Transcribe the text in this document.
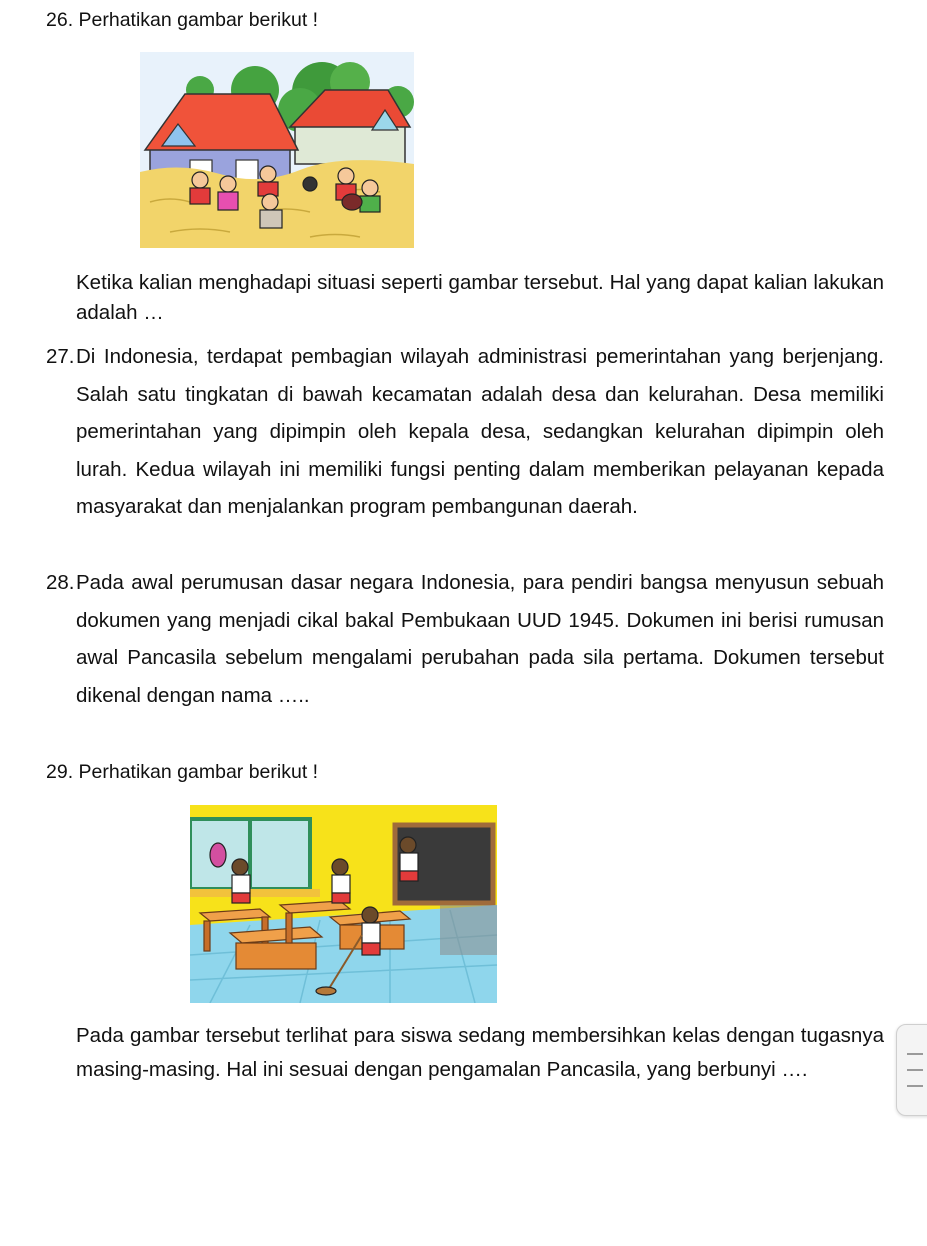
26. Perhatikan gambar berikut !

Ketika kalian menghadapi situasi seperti gambar tersebut. Hal yang dapat kalian lakukan adalah …

27. Di Indonesia, terdapat pembagian wilayah administrasi pemerintahan yang berjenjang. Salah satu tingkatan di bawah kecamatan adalah desa dan kelurahan. Desa memiliki pemerintahan yang dipimpin oleh kepala desa, sedangkan kelurahan dipimpin oleh lurah. Kedua wilayah ini memiliki fungsi penting dalam memberikan pelayanan kepada masyarakat dan menjalankan program pembangunan daerah.

28. Pada awal perumusan dasar negara Indonesia, para pendiri bangsa menyusun sebuah dokumen yang menjadi cikal bakal Pembukaan UUD 1945. Dokumen ini berisi rumusan awal Pancasila sebelum mengalami perubahan pada sila pertama. Dokumen tersebut dikenal dengan nama …..

29. Perhatikan gambar berikut !

Pada gambar tersebut terlihat para siswa sedang membersihkan kelas dengan tugasnya masing-masing. Hal ini sesuai dengan pengamalan Pancasila, yang berbunyi ….
